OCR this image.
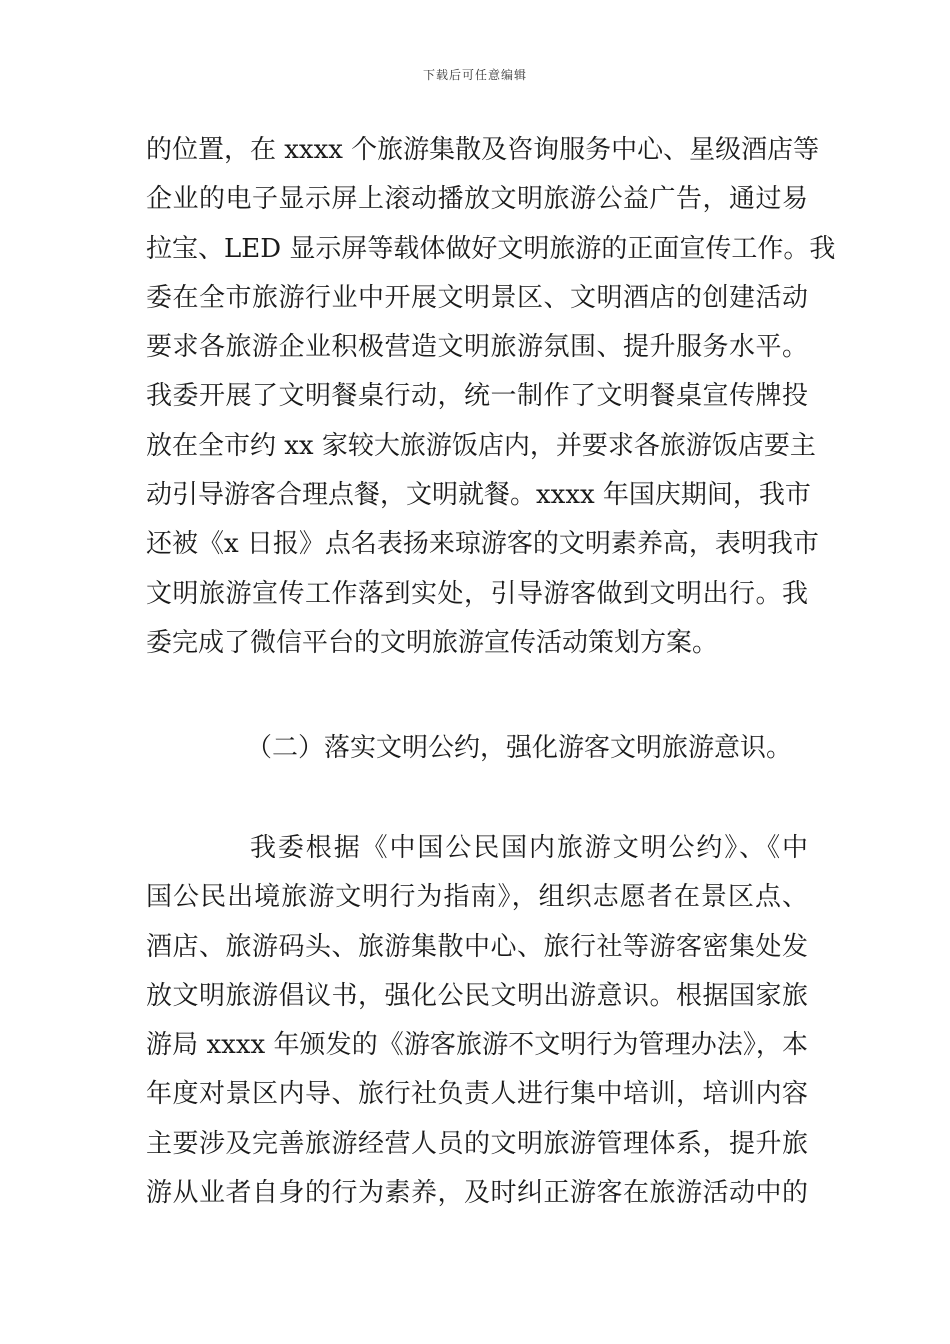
下载后可任意编辑
的位置，在 xxxx 个旅游集散及咨询服务中心、星级酒店等
企业的电子显示屏上滚动播放文明旅游公益广告，通过易
拉宝、LED 显示屏等载体做好文明旅游的正面宣传工作。我
委在全市旅游行业中开展文明景区、文明酒店的创建活动
要求各旅游企业积极营造文明旅游氛围、提升服务水平。
我委开展了文明餐桌行动，统一制作了文明餐桌宣传牌投
放在全市约 xx 家较大旅游饭店内，并要求各旅游饭店要主
动引导游客合理点餐，文明就餐。xxxx 年国庆期间，我市
还被《x 日报》点名表扬来琼游客的文明素养高，表明我市
文明旅游宣传工作落到实处，引导游客做到文明出行。我
委完成了微信平台的文明旅游宣传活动策划方案。
（二）落实文明公约，强化游客文明旅游意识。
我委根据《中国公民国内旅游文明公约》、《中
国公民出境旅游文明行为指南》，组织志愿者在景区点、
酒店、旅游码头、旅游集散中心、旅行社等游客密集处发
放文明旅游倡议书，强化公民文明出游意识。根据国家旅
游局 xxxx 年颁发的《游客旅游不文明行为管理办法》，本
年度对景区内导、旅行社负责人进行集中培训，培训内容
主要涉及完善旅游经营人员的文明旅游管理体系，提升旅
游从业者自身的行为素养，及时纠正游客在旅游活动中的
